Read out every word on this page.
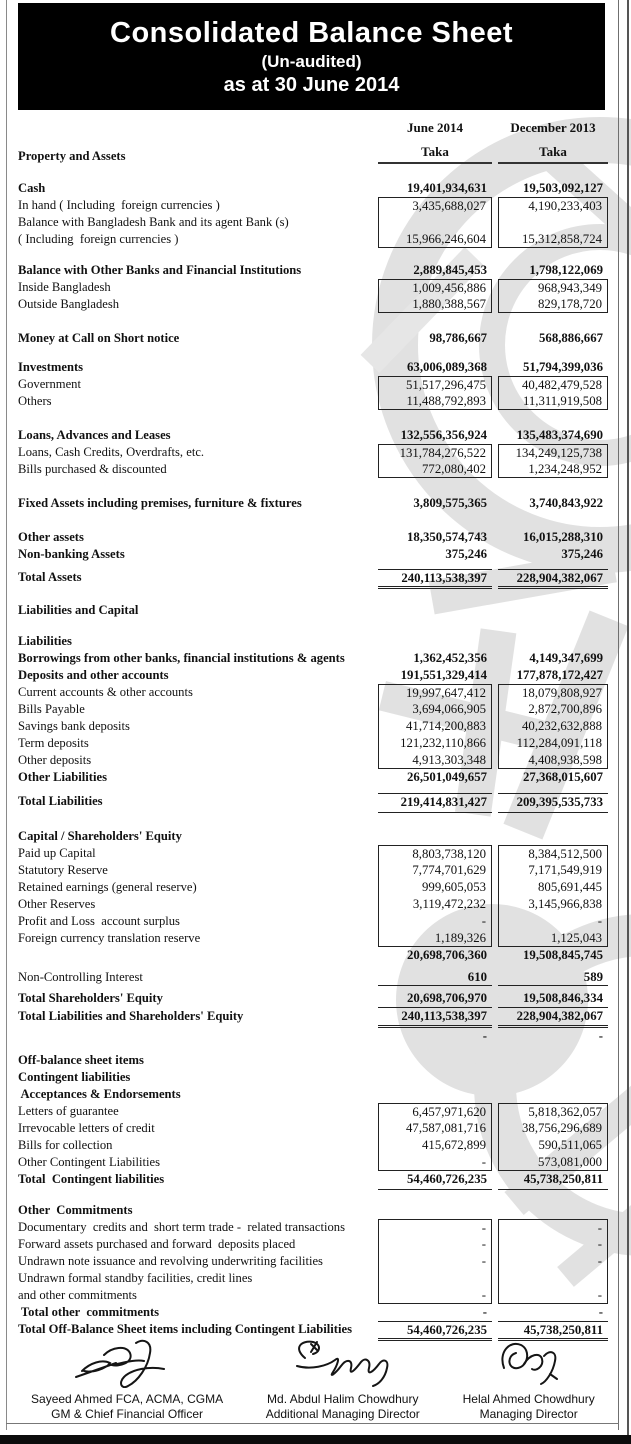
Consolidated Balance Sheet
(Un-audited)
as at 30 June 2014
June 2014	December 2013
Property and Assets	Taka	Taka
Cash	19,401,934,631	19,503,092,127
In hand ( Including  foreign currencies )	3,435,688,027	4,190,233,403
Balance with Bangladesh Bank and its agent Bank (s)
( Including  foreign currencies )	15,966,246,604	15,312,858,724
Balance with Other Banks and Financial Institutions	2,889,845,453	1,798,122,069
Inside Bangladesh	1,009,456,886	968,943,349
Outside Bangladesh	1,880,388,567	829,178,720
Money at Call on Short notice	98,786,667	568,886,667
Investments	63,006,089,368	51,794,399,036
Government	51,517,296,475	40,482,479,528
Others	11,488,792,893	11,311,919,508
Loans, Advances and Leases	132,556,356,924	135,483,374,690
Loans, Cash Credits, Overdrafts, etc.	131,784,276,522	134,249,125,738
Bills purchased & discounted	772,080,402	1,234,248,952
Fixed Assets including premises, furniture & fixtures	3,809,575,365	3,740,843,922
Other assets	18,350,574,743	16,015,288,310
Non-banking Assets	375,246	375,246
Total Assets	240,113,538,397	228,904,382,067
Liabilities and Capital
Liabilities
Borrowings from other banks, financial institutions & agents	1,362,452,356	4,149,347,699
Deposits and other accounts	191,551,329,414	177,878,172,427
Current accounts & other accounts	19,997,647,412	18,079,808,927
Bills Payable	3,694,066,905	2,872,700,896
Savings bank deposits	41,714,200,883	40,232,632,888
Term deposits	121,232,110,866	112,284,091,118
Other deposits	4,913,303,348	4,408,938,598
Other Liabilities	26,501,049,657	27,368,015,607
Total Liabilities	219,414,831,427	209,395,535,733
Capital / Shareholders' Equity
Paid up Capital	8,803,738,120	8,384,512,500
Statutory Reserve	7,774,701,629	7,171,549,919
Retained earnings (general reserve)	999,605,053	805,691,445
Other Reserves	3,119,472,232	3,145,966,838
Profit and Loss  account surplus	-	-
Foreign currency translation reserve	1,189,326	1,125,043
20,698,706,360	19,508,845,745
Non-Controlling Interest	610	589
Total Shareholders' Equity	20,698,706,970	19,508,846,334
Total Liabilities and Shareholders' Equity	240,113,538,397	228,904,382,067
-	-
Off-balance sheet items
Contingent liabilities
Acceptances & Endorsements
Letters of guarantee	6,457,971,620	5,818,362,057
Irrevocable letters of credit	47,587,081,716	38,756,296,689
Bills for collection	415,672,899	590,511,065
Other Contingent Liabilities	-	573,081,000
Total  Contingent liabilities	54,460,726,235	45,738,250,811
Other  Commitments
Documentary  credits and  short term trade -  related transactions	-	-
Forward assets purchased and forward  deposits placed	-	-
Undrawn note issuance and revolving underwriting facilities	-	-
Undrawn formal standby facilities, credit lines
and other commitments	-	-
Total other  commitments	-	-
Total Off-Balance Sheet items including Contingent Liabilities	54,460,726,235	45,738,250,811
Sayeed Ahmed FCA, ACMA, CGMA
GM & Chief Financial Officer
Md. Abdul Halim Chowdhury
Additional Managing Director
Helal Ahmed Chowdhury
Managing Director
